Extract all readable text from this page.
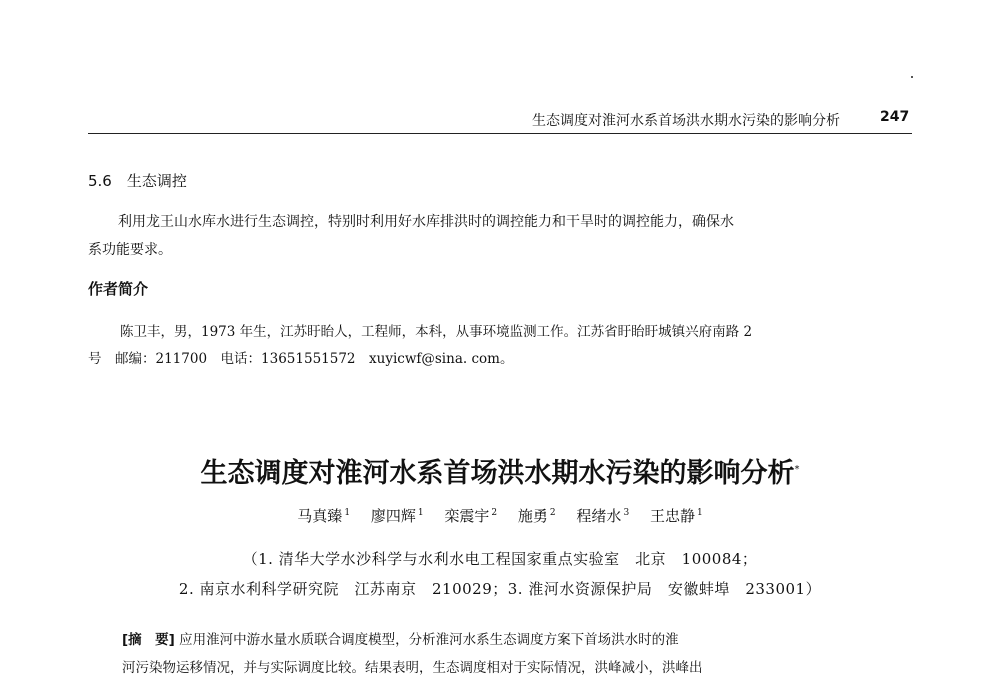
生态调度对淮河水系首场洪水期水污染的影响分析	247
5.6　生态调控
利用龙王山水库水进行生态调控，特别时利用好水库排洪时的调控能力和干旱时的调控能力，确保水
系功能要求。
作者简介
陈卫丰，男，1973 年生，江苏盱眙人，工程师，本科，从事环境监测工作。江苏省盱眙盱城镇兴府南路 2
号　邮编：211700　电话：13651551572　xuyicwf@sina. com。
生态调度对淮河水系首场洪水期水污染的影响分析*
马真臻 $^1$ 廖四辉 $^1$ 栾震宇 $^2$ 施勇 $^2$ 程绪水 $^3$ 王忠静 $^1$
（1. 清华大学水沙科学与水利水电工程国家重点实验室　北京　100084；
2. 南京水利科学研究院　江苏南京　210029；3. 淮河水资源保护局　安徽蚌埠　233001）
[摘　要] 应用淮河中游水量水质联合调度模型，分析淮河水系生态调度方案下首场洪水时的淮
河污染物运移情况，并与实际调度比较。结果表明，生态调度相对于实际情况，洪峰减小，洪峰出
